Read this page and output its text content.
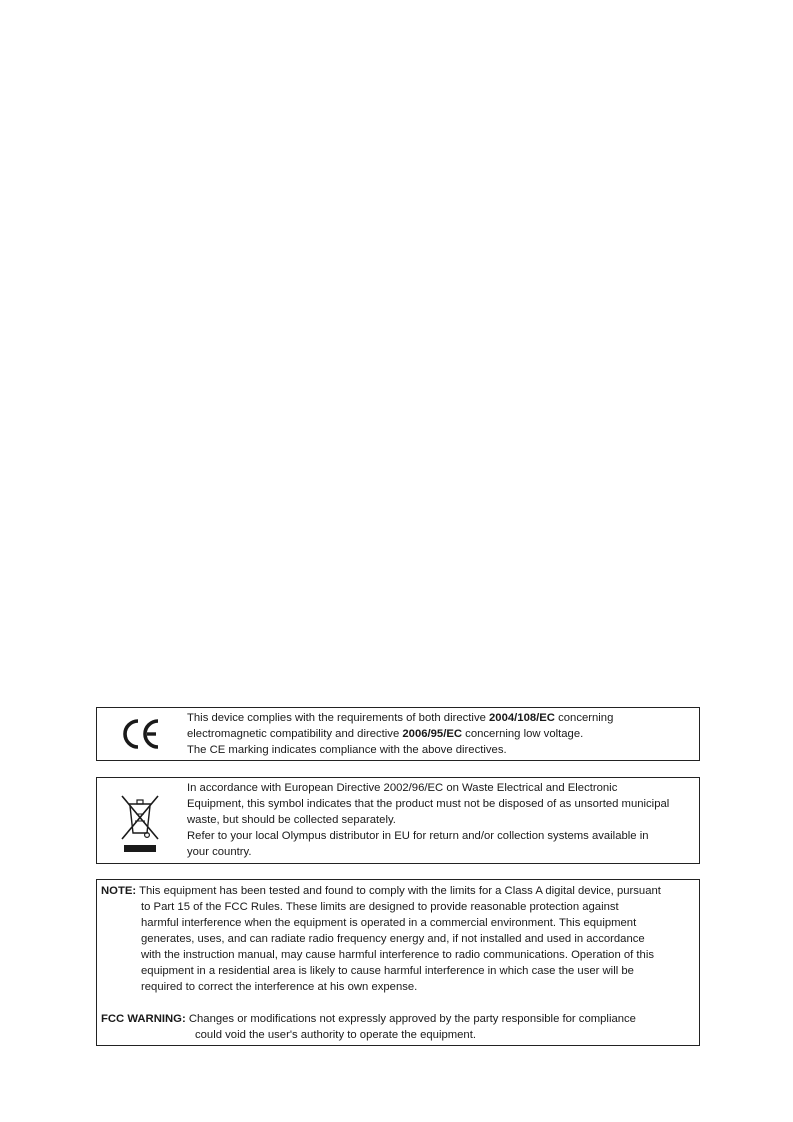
This device complies with the requirements of both directive 2004/108/EC concerning
electromagnetic compatibility and directive 2006/95/EC concerning low voltage.
The CE marking indicates compliance with the above directives.
In accordance with European Directive 2002/96/EC on Waste Electrical and Electronic
Equipment, this symbol indicates that the product must not be disposed of as unsorted municipal
waste, but should be collected separately.
Refer to your local Olympus distributor in EU for return and/or collection systems available in
your country.
NOTE: This equipment has been tested and found to comply with the limits for a Class A digital device, pursuant
to Part 15 of the FCC Rules. These limits are designed to provide reasonable protection against
harmful interference when the equipment is operated in a commercial environment. This equipment
generates, uses, and can radiate radio frequency energy and, if not installed and used in accordance
with the instruction manual, may cause harmful interference to radio communications. Operation of this
equipment in a residential area is likely to cause harmful interference in which case the user will be
required to correct the interference at his own expense.
FCC WARNING: Changes or modifications not expressly approved by the party responsible for compliance
could void the user's authority to operate the equipment.
